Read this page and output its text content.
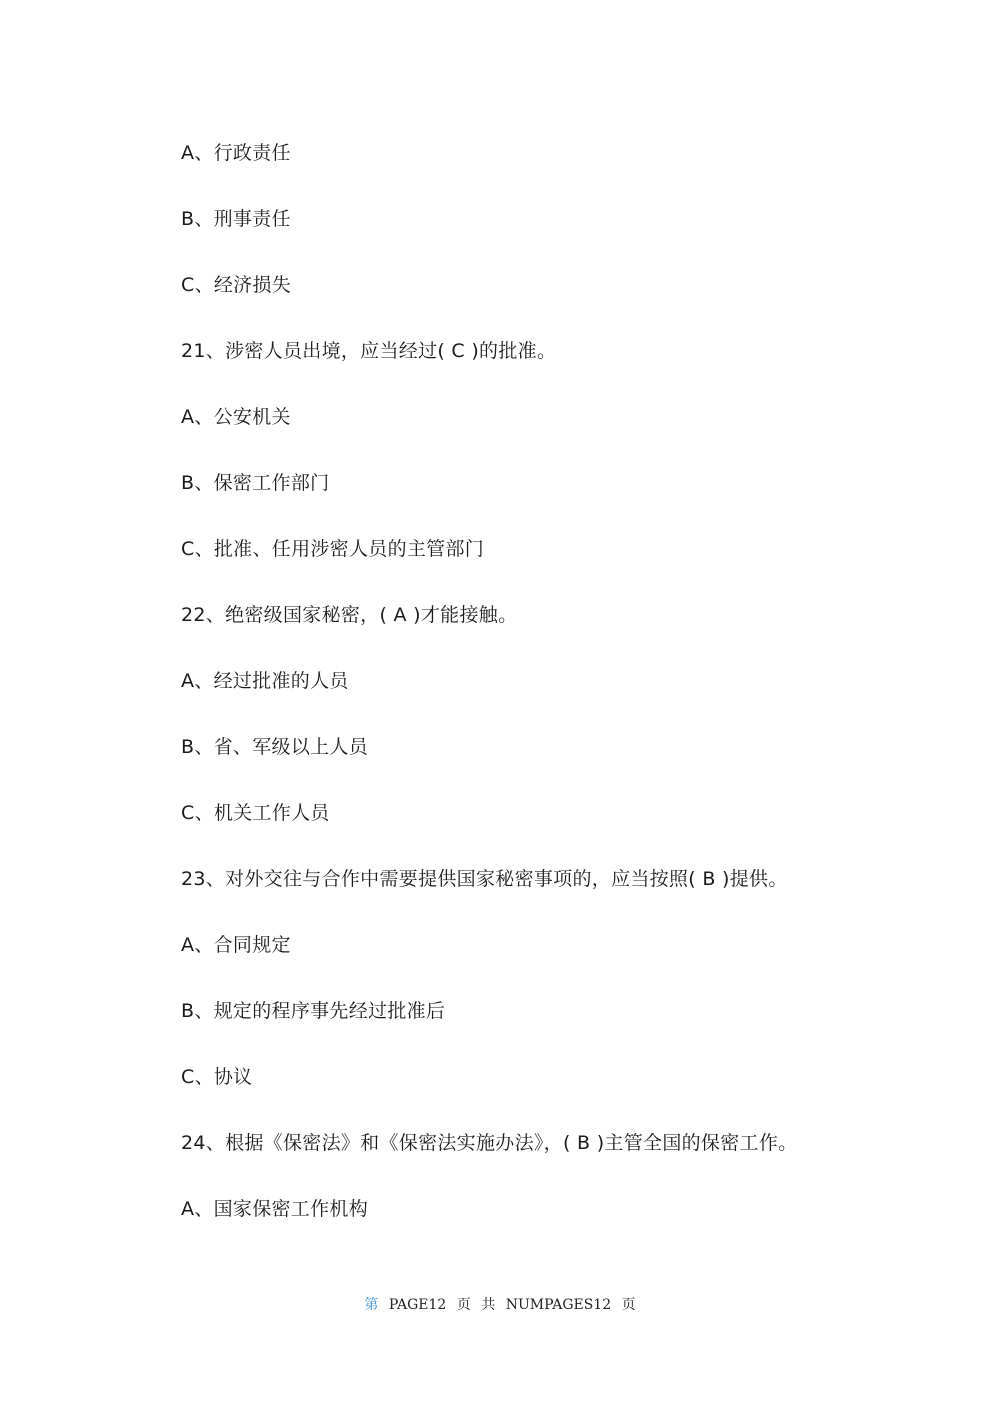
A、行政责任
B、刑事责任
C、经济损失
21、涉密人员出境，应当经过( C )的批准。
A、公安机关
B、保密工作部门
C、批准、任用涉密人员的主管部门
22、绝密级国家秘密，( A )才能接触。
A、经过批准的人员
B、省、军级以上人员
C、机关工作人员
23、对外交往与合作中需要提供国家秘密事项的，应当按照( B )提供。
A、合同规定
B、规定的程序事先经过批准后
C、协议
24、根据《保密法》和《保密法实施办法》，( B )主管全国的保密工作。
A、国家保密工作机构
第 PAGE12 页 共 NUMPAGES12 页
